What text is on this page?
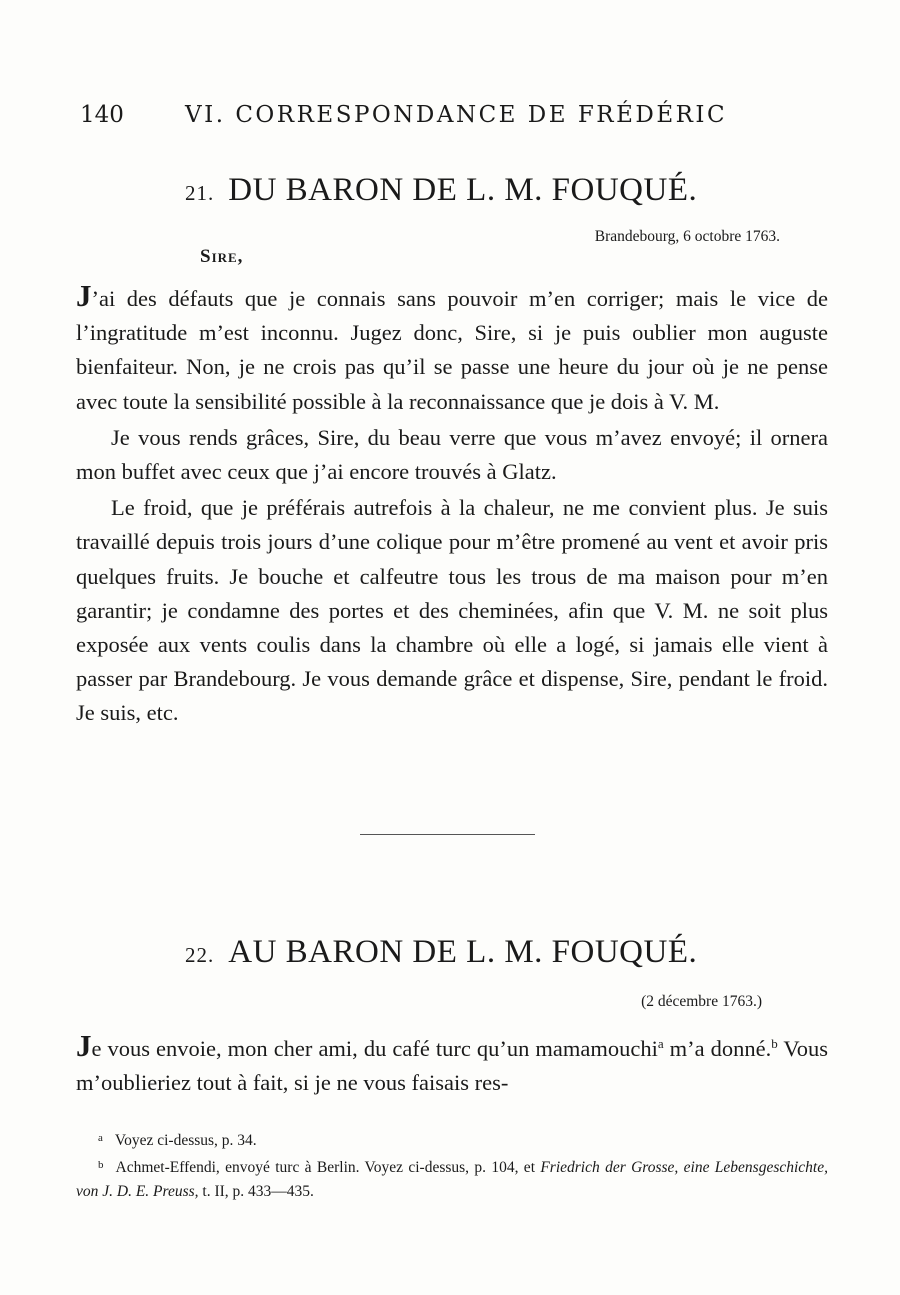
140	VI. CORRESPONDANCE DE FRÉDÉRIC
21. DU BARON DE L. M. FOUQUÉ.
Brandebourg, 6 octobre 1763.
Sire,

J’ai des défauts que je connais sans pouvoir m’en corriger; mais le vice de l’ingratitude m’est inconnu. Jugez donc, Sire, si je puis oublier mon auguste bienfaiteur. Non, je ne crois pas qu’il se passe une heure du jour où je ne pense avec toute la sensibilité possible à la reconnaissance que je dois à V. M.

Je vous rends grâces, Sire, du beau verre que vous m’avez envoyé; il ornera mon buffet avec ceux que j’ai encore trouvés à Glatz.

Le froid, que je préférais autrefois à la chaleur, ne me convient plus. Je suis travaillé depuis trois jours d’une colique pour m’être promené au vent et avoir pris quelques fruits. Je bouche et calfeutre tous les trous de ma maison pour m’en garantir; je condamne des portes et des cheminées, afin que V. M. ne soit plus exposée aux vents coulis dans la chambre où elle a logé, si jamais elle vient à passer par Brandebourg. Je vous demande grâce et dispense, Sire, pendant le froid. Je suis, etc.

22. AU BARON DE L. M. FOUQUÉ.
(2 décembre 1763.)

Je vous envoie, mon cher ami, du café turc qu’un mamamouchi$^a$ m’a donné.$^b$ Vous m’oublieriez tout à fait, si je ne vous faisais res-

$^a$ Voyez ci-dessus, p. 34.

$^b$ Achmet-Effendi, envoyé turc à Berlin. Voyez ci-dessus, p. 104, et Friedrich der Grosse, eine Lebensgeschichte, von J. D. E. Preuss, t. II, p. 433—435.
